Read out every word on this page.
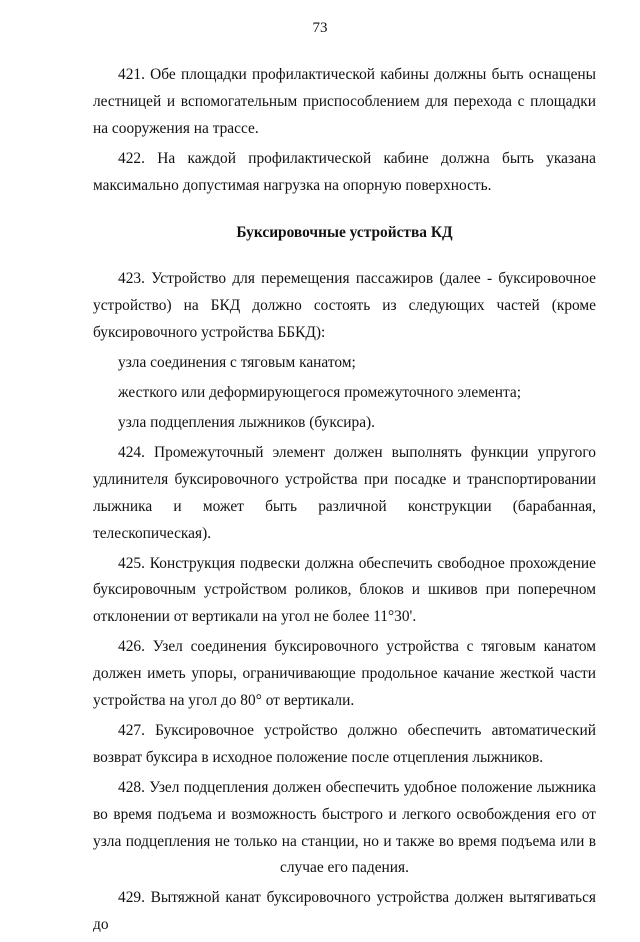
73

421. Обе площадки профилактической кабины должны быть оснащены лестницей и вспомогательным приспособлением для перехода с площадки на сооружения на трассе.

422. На каждой профилактической кабине должна быть указана максимально допустимая нагрузка на опорную поверхность.

Буксировочные устройства КД

423. Устройство для перемещения пассажиров (далее - буксировочное устройство) на БКД должно состоять из следующих частей (кроме буксировочного устройства ББКД):

узла соединения с тяговым канатом;

жесткого или деформирующегося промежуточного элемента;

узла подцепления лыжников (буксира).

424. Промежуточный элемент должен выполнять функции упругого удлинителя буксировочного устройства при посадке и транспортировании лыжника и может быть различной конструкции (барабанная, телескопическая).

425. Конструкция подвески должна обеспечить свободное прохождение буксировочным устройством роликов, блоков и шкивов при поперечном отклонении от вертикали на угол не более 11°30'.

426. Узел соединения буксировочного устройства с тяговым канатом должен иметь упоры, ограничивающие продольное качание жесткой части устройства на угол до 80° от вертикали.

427. Буксировочное устройство должно обеспечить автоматический возврат буксира в исходное положение после отцепления лыжников.

428. Узел подцепления должен обеспечить удобное положение лыжника во время подъема и возможность быстрого и легкого освобождения его от узла подцепления не только на станции, но и также во время подъема или в случае его падения.

429. Вытяжной канат буксировочного устройства должен вытягиваться до
